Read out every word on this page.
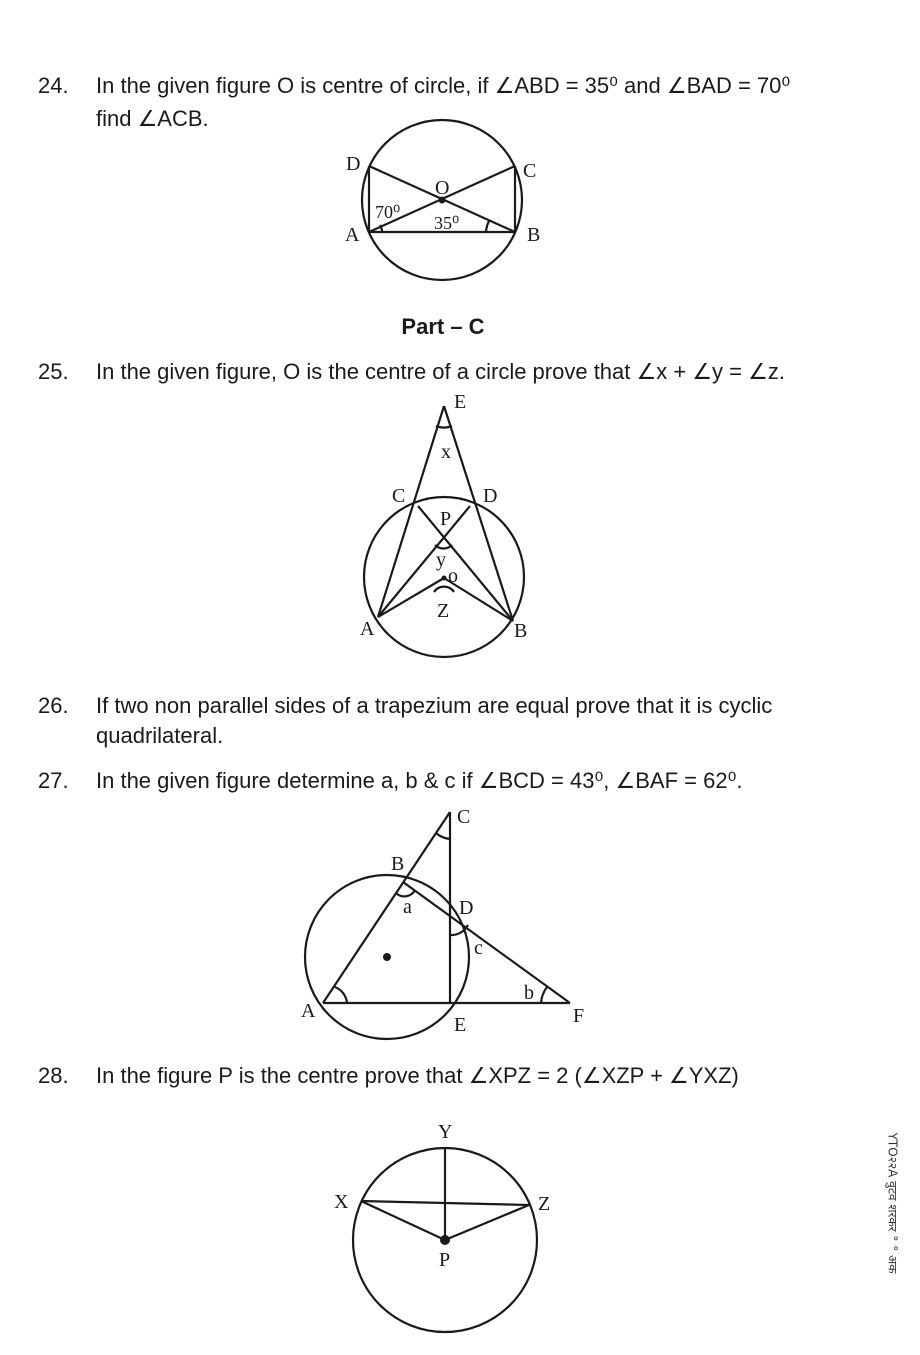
24.	In the given figure O is centre of circle, if ∠ABD = 35⁰ and ∠BAD = 70⁰
find ∠ACB.
D	C
O
A	B
70⁰
35⁰
Part – C
25.	In the given figure, O is the centre of a circle prove that ∠x + ∠y = ∠z.
E
x
C	D
P
y
o
Z
A	B
26.	If two non parallel sides of a trapezium are equal prove that it is cyclic
quadrilateral.
27.	In the given figure determine a, b & c if ∠BCD = 43⁰, ∠BAF = 62⁰.
C
B
a D
c
b
A
E	F
28.	In the figure P is the centre prove that ∠XPZ = 2 (∠XZP + ∠YXZ)
Y
X	Z
P	YTO२२A वुटव शरकर ° ° अक
